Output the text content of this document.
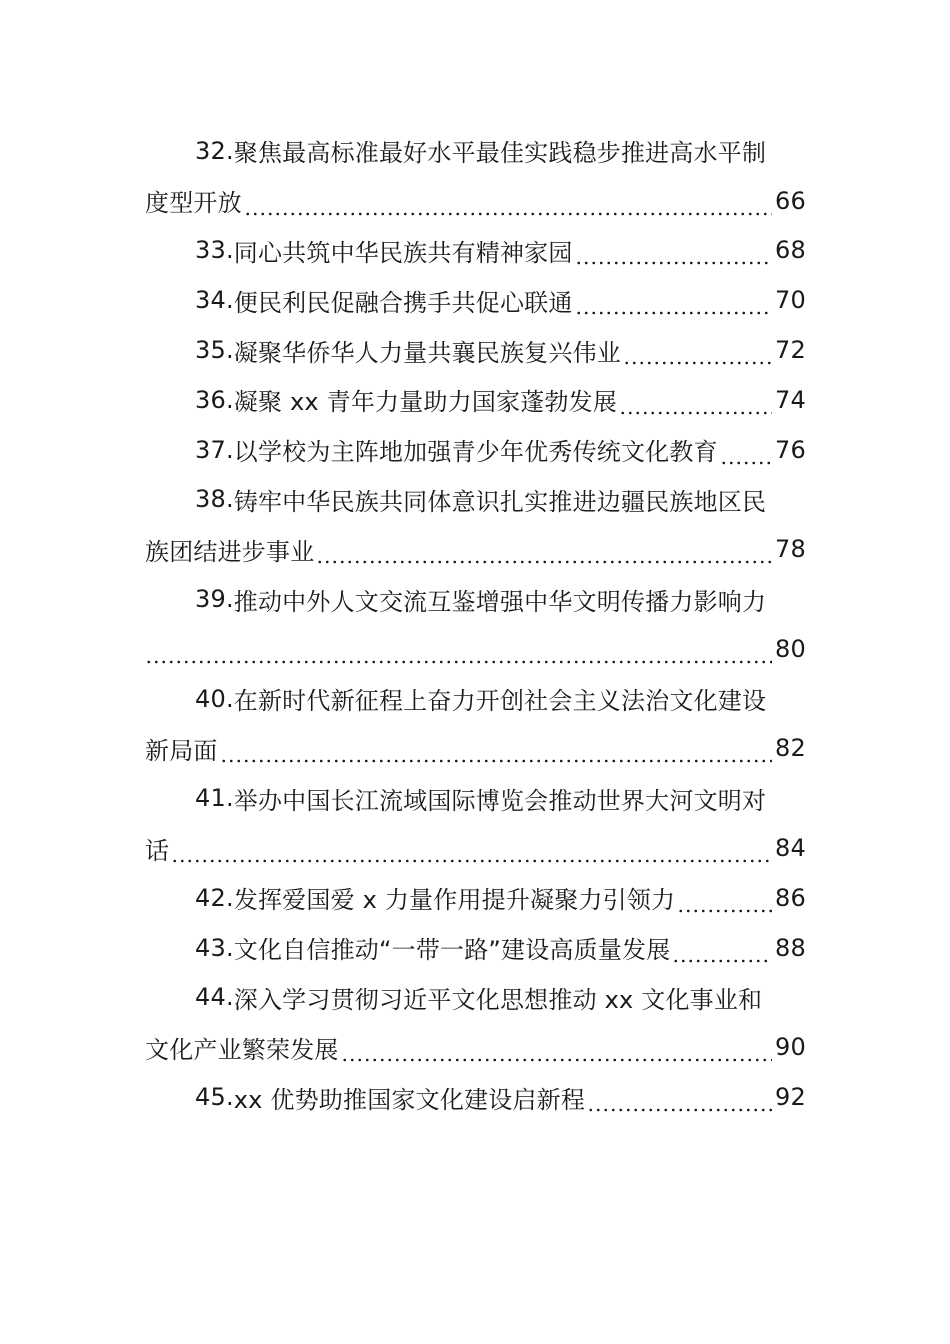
32. 聚焦最高标准最好水平最佳实践稳步推进高水平制
度型开放	66
33. 同心共筑中华民族共有精神家园	68
34. 便民利民促融合携手共促心联通	70
35. 凝聚华侨华人力量共襄民族复兴伟业	72
36. 凝聚 xx 青年力量助力国家蓬勃发展	74
37. 以学校为主阵地加强青少年优秀传统文化教育 76
38. 铸牢中华民族共同体意识扎实推进边疆民族地区民
族团结进步事业	78
39. 推动中外人文交流互鉴增强中华文明传播力影响力
80
40. 在新时代新征程上奋力开创社会主义法治文化建设
新局面	82
41. 举办中国长江流域国际博览会推动世界大河文明对
话	84
42. 发挥爱国爱 x 力量作用提升凝聚力引领力	86
43. 文化自信推动“一带一路”建设高质量发展	88
44. 深入学习贯彻习近平文化思想推动 xx 文化事业和
文化产业繁荣发展	90
45. xx 优势助推国家文化建设启新程	92
